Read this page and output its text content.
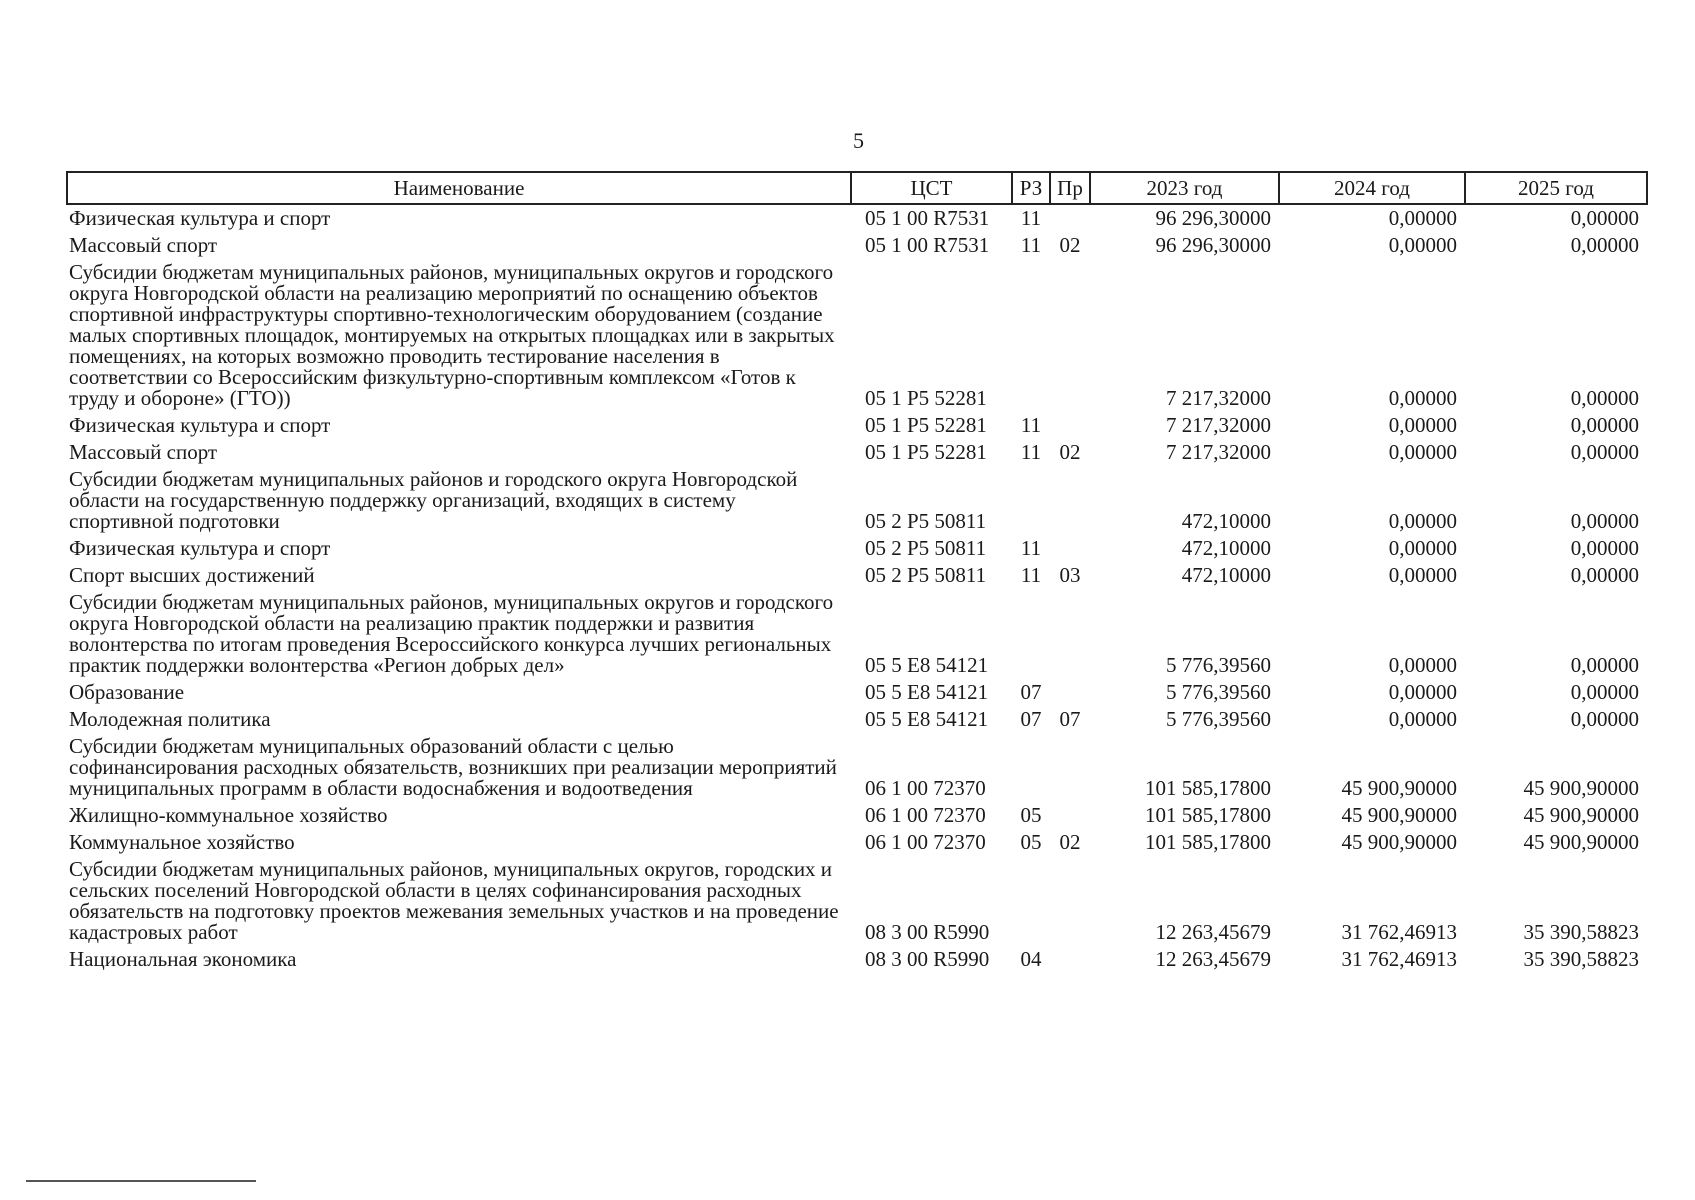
5
Наименование	ЦСТ	РЗ	Пр	2023 год	2024 год	2025 год
Физическая культура и спорт	05 1 00 R7531	11		96 296,30000	0,00000	0,00000
Массовый спорт	05 1 00 R7531	11	02	96 296,30000	0,00000	0,00000
Субсидии бюджетам муниципальных районов, муниципальных округов и городского округа Новгородской области на реализацию мероприятий по оснащению объектов спортивной инфраструктуры спортивно-технологическим оборудованием (создание малых спортивных площадок, монтируемых на открытых площадках или в закрытых помещениях, на которых возможно проводить тестирование населения в соответствии со Всероссийским физкультурно-спортивным комплексом «Готов к труду и обороне» (ГТО))	05 1 P5 52281			7 217,32000	0,00000	0,00000
Физическая культура и спорт	05 1 P5 52281	11		7 217,32000	0,00000	0,00000
Массовый спорт	05 1 P5 52281	11	02	7 217,32000	0,00000	0,00000
Субсидии бюджетам муниципальных районов и городского округа Новгородской области на государственную поддержку организаций, входящих в систему спортивной подготовки	05 2 P5 50811			472,10000	0,00000	0,00000
Физическая культура и спорт	05 2 P5 50811	11		472,10000	0,00000	0,00000
Спорт высших достижений	05 2 P5 50811	11	03	472,10000	0,00000	0,00000
Субсидии бюджетам муниципальных районов, муниципальных округов и городского округа Новгородской области на реализацию практик поддержки и развития волонтерства по итогам проведения Всероссийского конкурса лучших региональных практик поддержки волонтерства «Регион добрых дел»	05 5 E8 54121			5 776,39560	0,00000	0,00000
Образование	05 5 E8 54121	07		5 776,39560	0,00000	0,00000
Молодежная политика	05 5 E8 54121	07	07	5 776,39560	0,00000	0,00000
Субсидии бюджетам муниципальных образований области с целью софинансирования расходных обязательств, возникших при реализации мероприятий муниципальных программ в области водоснабжения и водоотведения	06 1 00 72370			101 585,17800	45 900,90000	45 900,90000
Жилищно-коммунальное хозяйство	06 1 00 72370	05		101 585,17800	45 900,90000	45 900,90000
Коммунальное хозяйство	06 1 00 72370	05	02	101 585,17800	45 900,90000	45 900,90000
Субсидии бюджетам муниципальных районов, муниципальных округов, городских и сельских поселений Новгородской области в целях софинансирования расходных обязательств на подготовку проектов межевания земельных участков и на проведение кадастровых работ	08 3 00 R5990			12 263,45679	31 762,46913	35 390,58823
Национальная экономика	08 3 00 R5990	04		12 263,45679	31 762,46913	35 390,58823
